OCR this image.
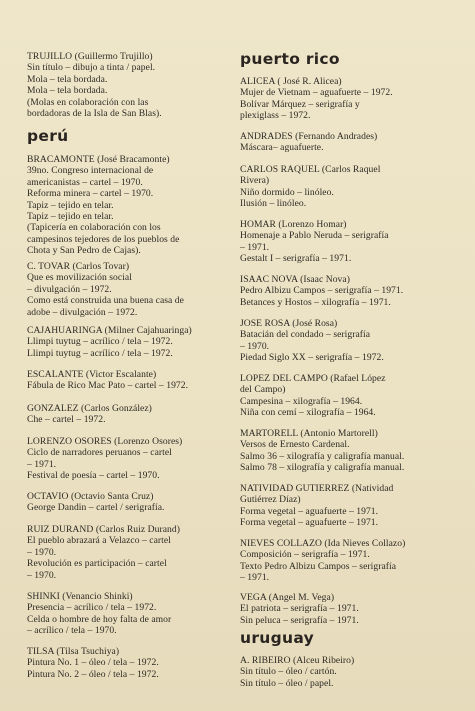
TRUJILLO (Guillermo Trujillo)
Sin título – dibujo a tinta / papel.
Mola – tela bordada.
Mola – tela bordada.
(Molas en colaboración con las
bordadoras de la Isla de San Blas).
perú
BRACAMONTE (José Bracamonte)
39no. Congreso internacional de
americanistas – cartel – 1970.
Reforma minera – cartel – 1970.
Tapiz – tejido en telar.
Tapiz – tejido en telar.
(Tapicería en colaboración con los
campesinos tejedores de los pueblos de
Chota y San Pedro de Cajas).
C. TOVAR (Carlos Tovar)
Que es movilización social
– divulgación – 1972.
Como está construida una buena casa de
adobe – divulgación – 1972.
CAJAHUARINGA (Milner Cajahuaringa)
Llimpi tuytug – acrílico / tela – 1972.
Llimpi tuytug – acrílico / tela – 1972.
ESCALANTE (Victor Escalante)
Fábula de Rico Mac Pato – cartel – 1972.
GONZALEZ (Carlos González)
Che – cartel – 1972.
LORENZO OSORES (Lorenzo Osores)
Ciclo de narradores peruanos – cartel
– 1971.
Festival de poesía – cartel – 1970.
OCTAVIO (Octavio Santa Cruz)
George Dandin – cartel / serigrafía.
RUIZ DURAND (Carlos Ruiz Durand)
El pueblo abrazará a Velazco – cartel
– 1970.
Revolución es participación – cartel
– 1970.
SHINKI (Venancio Shinki)
Presencia – acrílico / tela – 1972.
Celda o hombre de hoy falta de amor
– acrílico / tela – 1970.
TILSA (Tilsa Tsuchiya)
Pintura No. 1 – óleo / tela – 1972.
Pintura No. 2 – óleo / tela – 1972.
puerto rico
ALICEA ( José R. Alicea)
Mujer de Vietnam – aguafuerte – 1972.
Bolívar Márquez – serigrafía y
plexiglass – 1972.
ANDRADES (Fernando Andrades)
Máscara– aguafuerte.
CARLOS RAQUEL (Carlos Raquel
Rivera)
Niño dormido – linóleo.
Ilusión – linóleo.
HOMAR (Lorenzo Homar)
Homenaje a Pablo Neruda – serigrafía
– 1971.
Gestalt I – serigrafía – 1971.
ISAAC NOVA (Isaac Nova)
Pedro Albizu Campos – serigrafía – 1971.
Betances y Hostos – xilografía – 1971.
JOSE ROSA (José Rosa)
Batacián del condado – serigrafía
– 1970.
Piedad Siglo XX – serigrafía – 1972.
LOPEZ DEL CAMPO (Rafael López
del Campo)
Campesina – xilografía – 1964.
Niña con cemí – xilografía – 1964.
MARTORELL (Antonio Martorell)
Versos de Ernesto Cardenal.
Salmo 36 – xilografía y caligrafía manual.
Salmo 78 – xilografía y caligrafía manual.
NATIVIDAD GUTIERREZ (Natividad
Gutiérrez Díaz)
Forma vegetal – aguafuerte – 1971.
Forma vegetal – aguafuerte – 1971.
NIEVES COLLAZO (Ida Nieves Collazo)
Composición – serigrafía – 1971.
Texto Pedro Albizu Campos – serigrafía
– 1971.
VEGA (Angel M. Vega)
El patriota – serigrafía – 1971.
Sin peluca – serigrafía – 1971.
uruguay
A. RIBEIRO (Alceu Ribeiro)
Sin título – óleo / cartón.
Sin título – óleo / papel.
